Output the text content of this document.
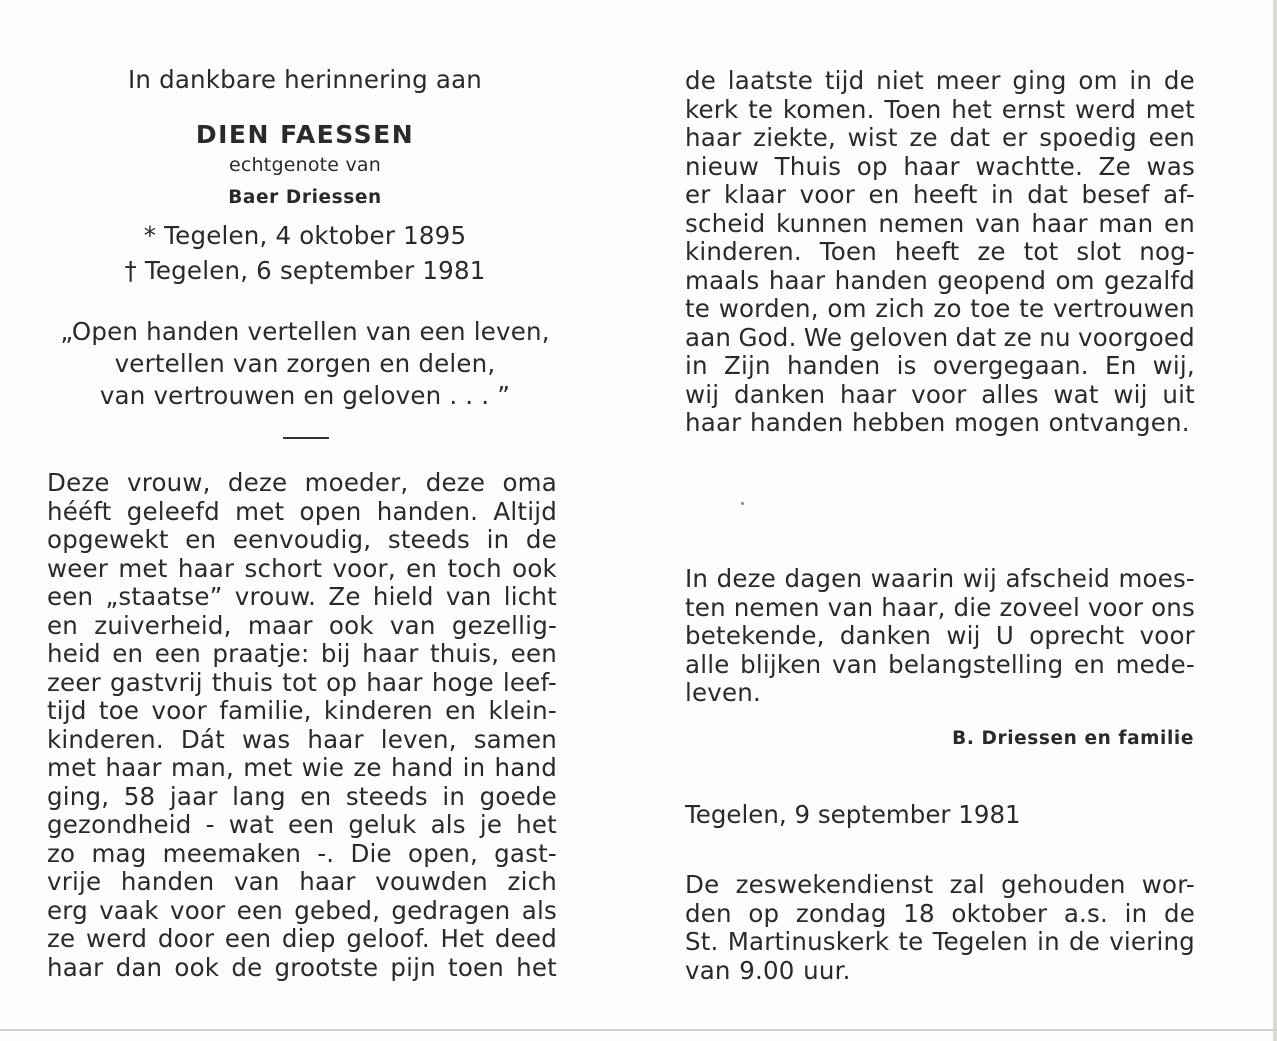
In dankbare herinnering aan
DIEN FAESSEN
echtgenote van
Baer Driessen
* Tegelen, 4 oktober 1895
† Tegelen, 6 september 1981
„Open handen vertellen van een leven,
vertellen van zorgen en delen,
van vertrouwen en geloven . . . ”
Deze vrouw, deze moeder, deze oma
hééft geleefd met open handen. Altijd
opgewekt en eenvoudig, steeds in de
weer met haar schort voor, en toch ook
een „staatse” vrouw. Ze hield van licht
en zuiverheid, maar ook van gezellig-
heid en een praatje: bij haar thuis, een
zeer gastvrij thuis tot op haar hoge leef-
tijd toe voor familie, kinderen en klein-
kinderen. Dát was haar leven, samen
met haar man, met wie ze hand in hand
ging, 58 jaar lang en steeds in goede
gezondheid - wat een geluk als je het
zo mag meemaken -. Die open, gast-
vrije handen van haar vouwden zich
erg vaak voor een gebed, gedragen als
ze werd door een diep geloof. Het deed
haar dan ook de grootste pijn toen het
de laatste tijd niet meer ging om in de
kerk te komen. Toen het ernst werd met
haar ziekte, wist ze dat er spoedig een
nieuw Thuis op haar wachtte. Ze was
er klaar voor en heeft in dat besef af-
scheid kunnen nemen van haar man en
kinderen. Toen heeft ze tot slot nog-
maals haar handen geopend om gezalfd
te worden, om zich zo toe te vertrouwen
aan God. We geloven dat ze nu voorgoed
in Zijn handen is overgegaan. En wij,
wij danken haar voor alles wat wij uit
haar handen hebben mogen ontvangen.
In deze dagen waarin wij afscheid moes-
ten nemen van haar, die zoveel voor ons
betekende, danken wij U oprecht voor
alle blijken van belangstelling en mede-
leven.
B. Driessen en familie
Tegelen, 9 september 1981
De zeswekendienst zal gehouden wor-
den op zondag 18 oktober a.s. in de
St. Martinuskerk te Tegelen in de viering
van 9.00 uur.
